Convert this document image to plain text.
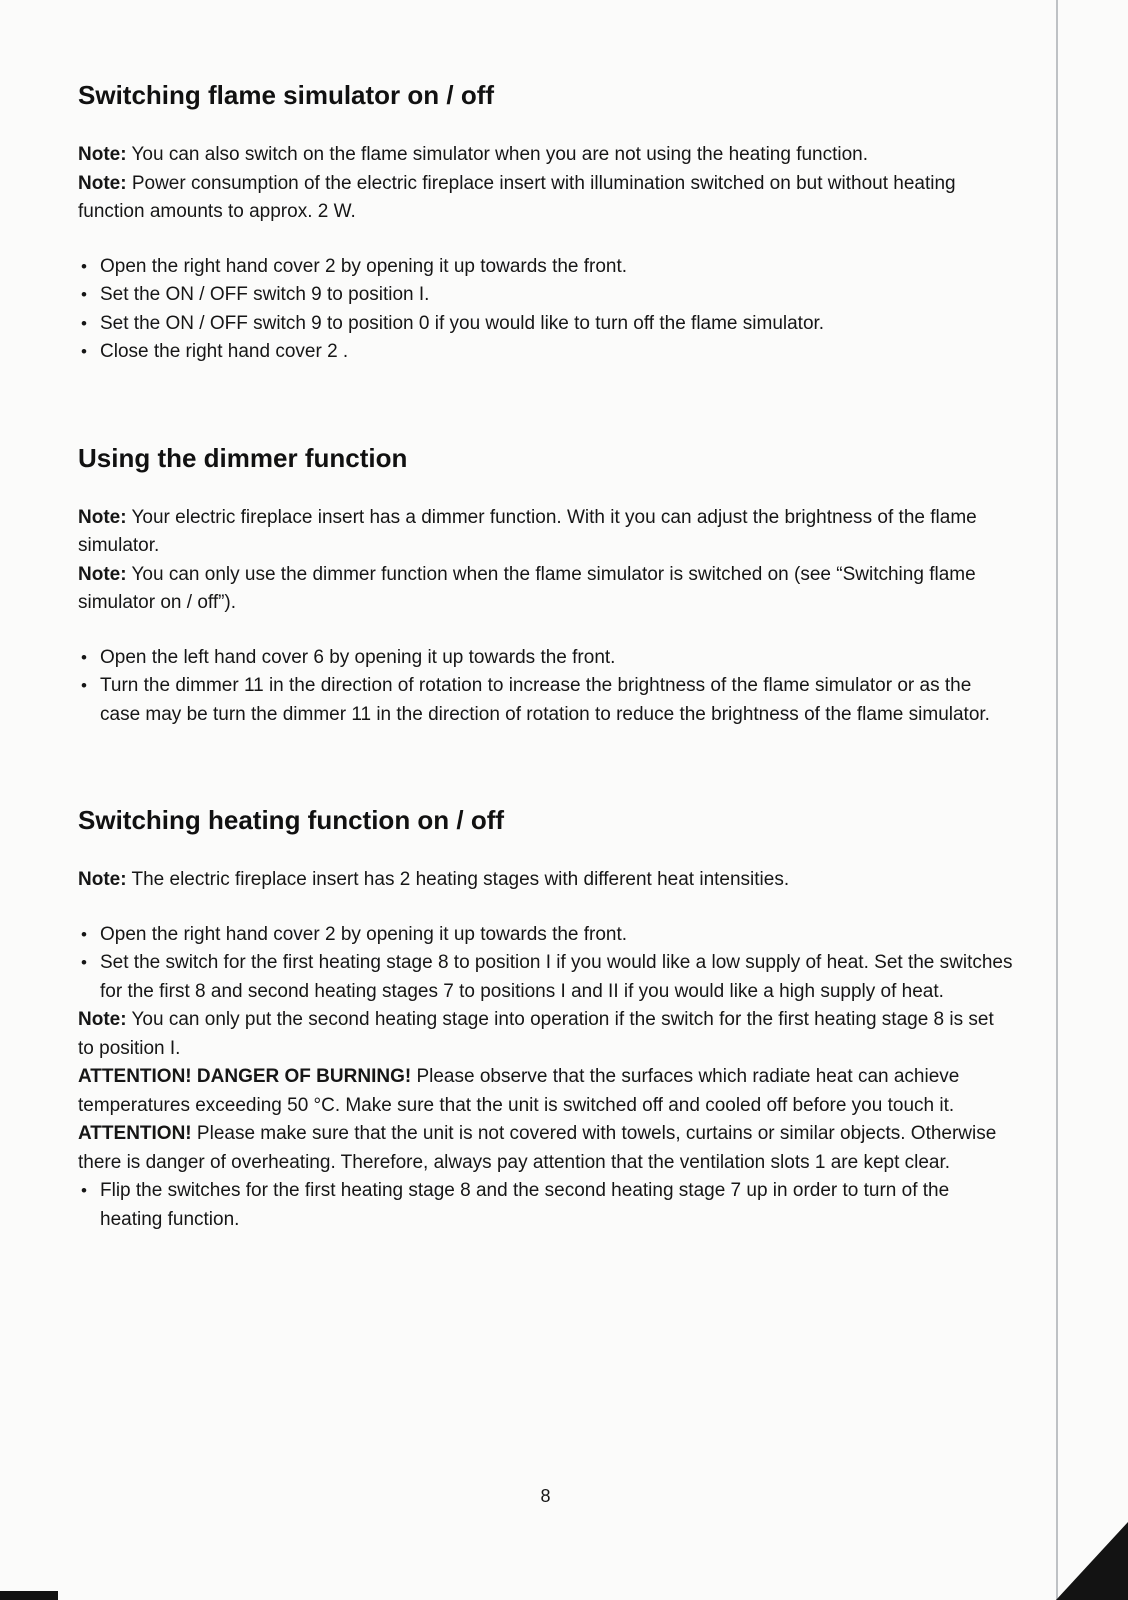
Switching flame simulator on / off

Note: You can also switch on the flame simulator when you are not using the heating function.

Note: Power consumption of the electric fireplace insert with illumination switched on but without heating function amounts to approx. 2 W.

• Open the right hand cover 2 by opening it up towards the front.
• Set the ON / OFF switch 9 to position I.
• Set the ON / OFF switch 9 to position 0 if you would like to turn off the flame simulator.
• Close the right hand cover 2 .
Using the dimmer function

Note: Your electric fireplace insert has a dimmer function. With it you can adjust the brightness of the flame simulator.

Note: You can only use the dimmer function when the flame simulator is switched on (see “Switching flame simulator on / off”).

• Open the left hand cover 6 by opening it up towards the front.
• Turn the dimmer 11 in the direction of rotation to increase the brightness of the flame simulator or as the case may be turn the dimmer 11 in the direction of rotation to reduce the brightness of the flame simulator.
Switching heating function on / off

Note: The electric fireplace insert has 2 heating stages with different heat intensities.

• Open the right hand cover 2 by opening it up towards the front.
• Set the switch for the first heating stage 8 to position I if you would like a low supply of heat. Set the switches for the first 8 and second heating stages 7 to positions I and II if you would like a high supply of heat.

Note: You can only put the second heating stage into operation if the switch for the first heating stage 8 is set to position I.

ATTENTION! DANGER OF BURNING! Please observe that the surfaces which radiate heat can achieve temperatures exceeding 50 °C. Make sure that the unit is switched off and cooled off before you touch it.

ATTENTION! Please make sure that the unit is not covered with towels, curtains or similar objects. Otherwise there is danger of overheating. Therefore, always pay attention that the ventilation slots 1 are kept clear.

• Flip the switches for the first heating stage 8 and the second heating stage 7 up in order to turn of the heating function.
8
